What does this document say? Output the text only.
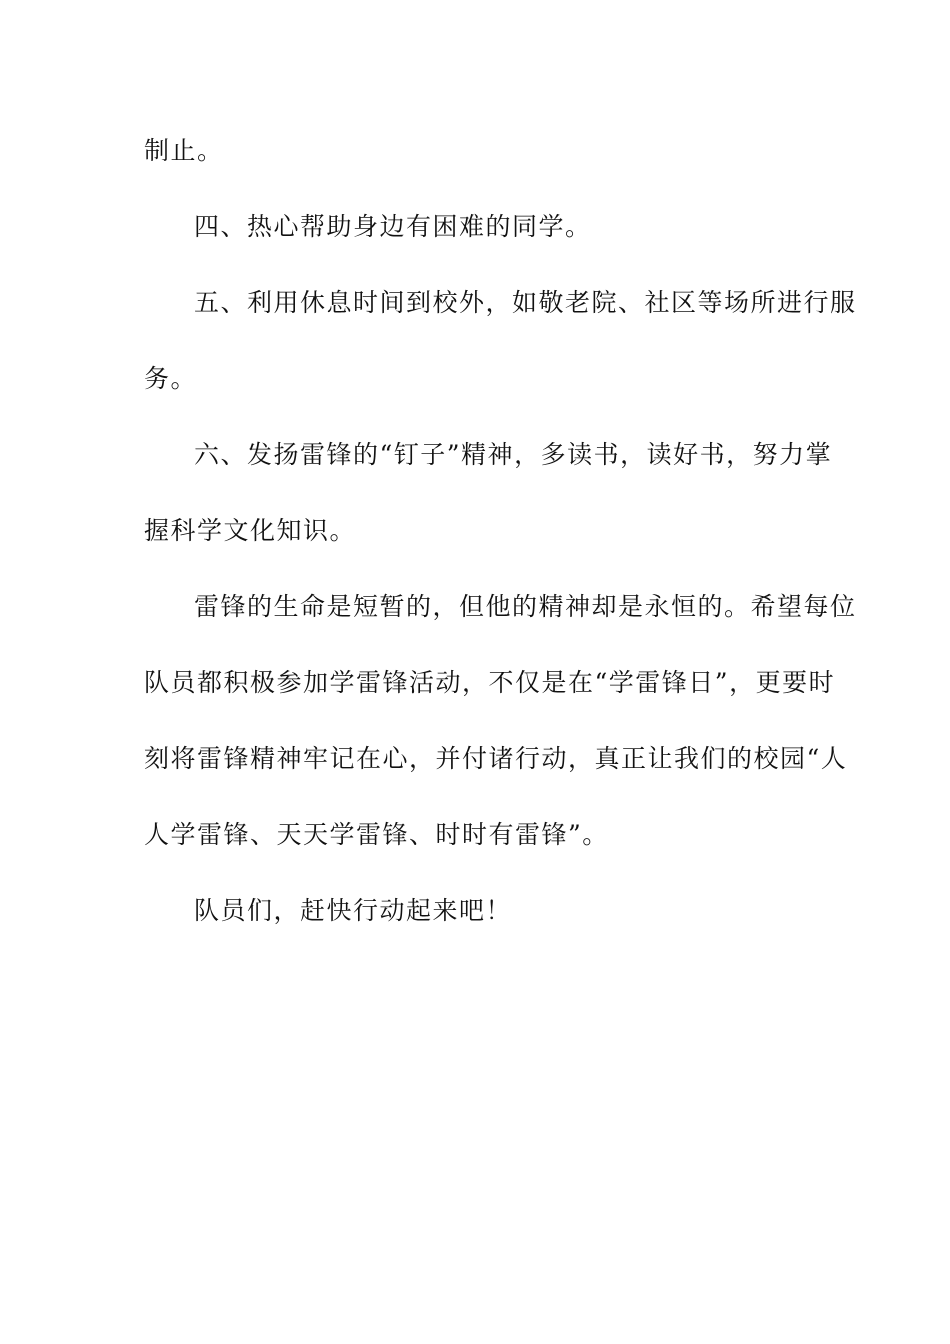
制止。
四、热心帮助身边有困难的同学。
五、利用休息时间到校外，如敬老院、社区等场所进行服
务。
六、发扬雷锋的“钉子”精神，多读书，读好书，努力掌
握科学文化知识。
雷锋的生命是短暂的，但他的精神却是永恒的。希望每位
队员都积极参加学雷锋活动，不仅是在“学雷锋日”，更要时
刻将雷锋精神牢记在心，并付诸行动，真正让我们的校园“人
人学雷锋、天天学雷锋、时时有雷锋”。
队员们，赶快行动起来吧！
